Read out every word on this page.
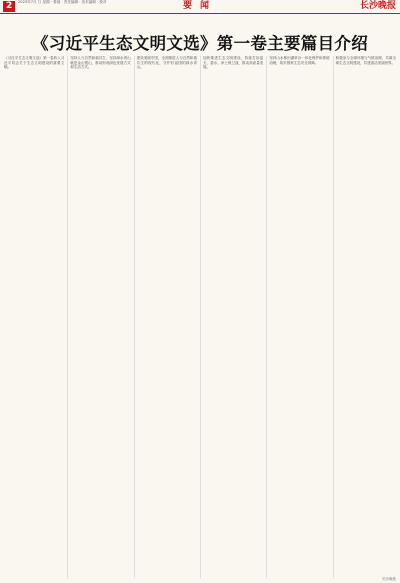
2	2023年7月 日 星期 · 要闻 · 责任编辑 · 美术编辑 · 校对	要闻	长沙晚报
《习近平生态文明文选》第一卷主要篇目介绍

《习近平生态文明文选》第一卷收入习近平同志关于生态文明建设的重要文稿。

坚持人与自然和谐共生，坚持绿水青山就是金山银山，推动形成绿色发展方式和生活方式。

建设美丽中国，全面推进人与自然和谐共生的现代化，守护好祖国的绿水青山。

加快推进生态文明建设，持续打好蓝天、碧水、净土保卫战，推动高质量发展。

坚持山水林田湖草沙一体化保护和系统治理，筑牢国家生态安全屏障。

积极参与全球环境与气候治理，共谋全球生态文明建设，共建清洁美丽世界。

长沙晚报
